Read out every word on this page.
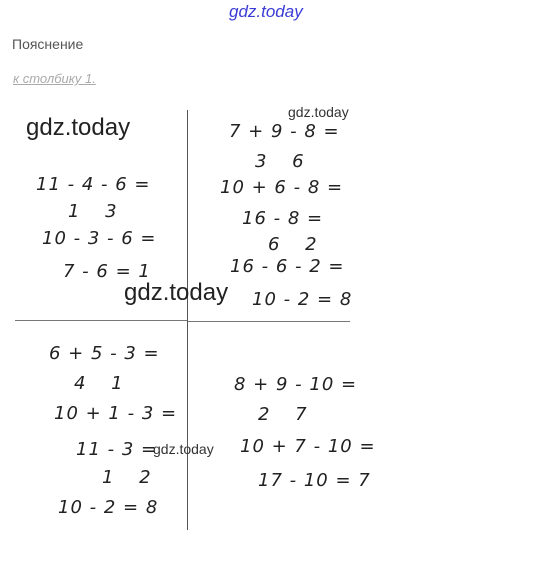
gdz.today
Пояснение
к столбику 1.
gdz.today
gdz.today
gdz.today
gdz.today
11 - 4 - 6 =
1 3
10 - 3 - 6 =
7 - 6 = 1
7 + 9 - 8 =
3 6
10 + 6 - 8 =
16 - 8 =
6 2
16 - 6 - 2 =
10 - 2 = 8
6 + 5 - 3 =
4 1
10 + 1 - 3 =
11 - 3 =
1 2
10 - 2 = 8
8 + 9 - 10 =
2 7
10 + 7 - 10 =
17 - 10 = 7
